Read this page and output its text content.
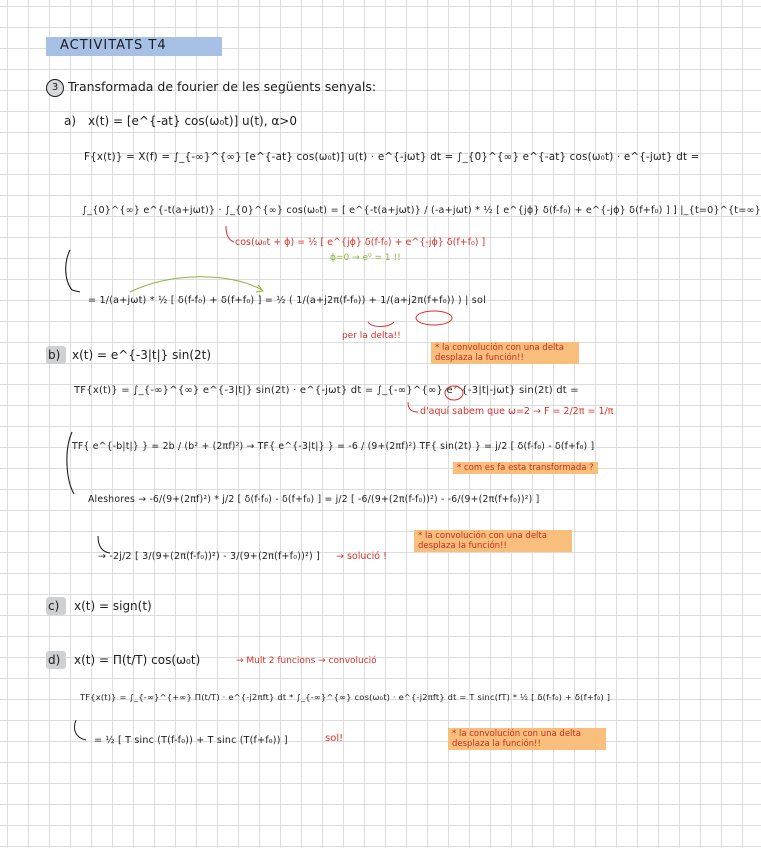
ACTIVITATS T4
3 Transformada de fourier de les següents senyals:
a) x(t) = [e^{-at} cos(ω₀t)] u(t), α>0
F{x(t)} = X(f) = ∫_{-∞}^{∞} [e^{-at} cos(ω₀t)] u(t) · e^{-jωt} dt = ∫_{0}^{∞} e^{-at} cos(ω₀t) · e^{-jωt} dt =
∫_{0}^{∞} e^{-t(a+jωt)} · ∫_{0}^{∞} cos(ω₀t) = [ e^{-t(a+jωt)} / (-a+jωt) * ½ [ e^{jϕ} δ(f-f₀) + e^{-jϕ} δ(f+f₀) ] ] |_{t=0}^{t=∞}
cos(ω₀t + ϕ) = ½ [ e^{jϕ} δ(f-f₀) + e^{-jϕ} δ(f+f₀) ]
ϕ=0 → e⁰ = 1 !!
= 1/(a+jωt) * ½ [ δ(f-f₀) + δ(f+f₀) ] = ½ ( 1/(a+j2π(f-f₀)) + 1/(a+j2π(f+f₀)) ) | sol
per la delta!!
* la convolución con una delta desplaza la función!!
b) x(t) = e^{-3|t|} sin(2t)
TF{x(t)} = ∫_{-∞}^{∞} e^{-3|t|} sin(2t) · e^{-jωt} dt = ∫_{-∞}^{∞} e^{-3|t|-jωt} sin(2t) dt =
d'aquí sabem que ω=2 → F = 2/2π = 1/π
TF{ e^{-b|t|} } = 2b / (b² + (2πf)²) → TF{ e^{-3|t|} } = -6 / (9+(2πf)²) TF{ sin(2t) } = j/2 [ δ(f-f₀) - δ(f+f₀) ]
* com es fa esta transformada ?
Aleshores → -6/(9+(2πf)²) * j/2 [ δ(f-f₀) - δ(f+f₀) ] = j/2 [ -6/(9+(2π(f-f₀))²) - -6/(9+(2π(f+f₀))²) ]
* la convolución con una delta desplaza la función!!
→ -2j/2 [ 3/(9+(2π(f-f₀))²) - 3/(9+(2π(f+f₀))²) ] → solució !
c) x(t) = sign(t)
d) x(t) = Π(t/T) cos(ω₀t)	→ Mult 2 funcions → convolució
TF{x(t)} = ∫_{-∞}^{+∞} Π(t/T) · e^{-j2πft} dt * ∫_{-∞}^{∞} cos(ω₀t) · e^{-j2πft} dt = T sinc(fT) * ½ [ δ(f-f₀) + δ(f+f₀) ]
= ½ [ T sinc (T(f-f₀)) + T sinc (T(f+f₀)) ]	sol!	* la convolución con una delta desplaza la función!!
